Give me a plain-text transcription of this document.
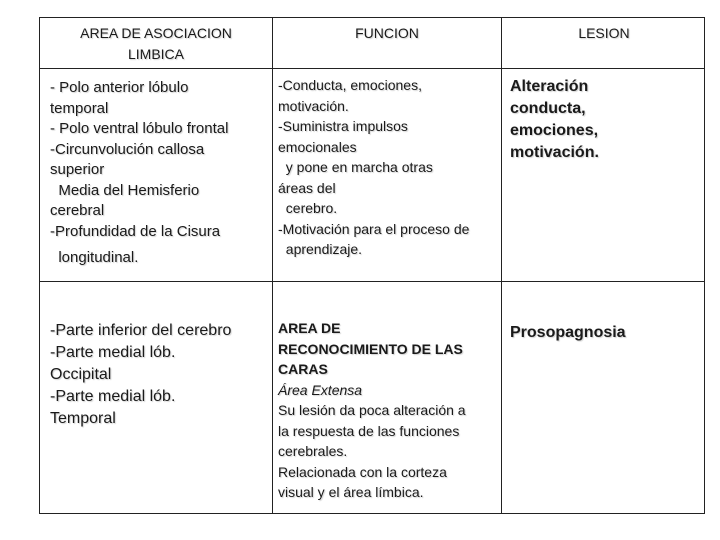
AREA DE ASOCIACION
LIMBICA
FUNCION	LESION
- Polo anterior lóbulo
temporal
- Polo ventral lóbulo frontal
-Circunvolución callosa
superior
Media del Hemisferio
cerebral
-Profundidad de la Cisura
longitudinal.
-Conducta, emociones,
motivación.
-Suministra impulsos
emocionales
y pone en marcha otras
áreas del
cerebro.
-Motivación para el proceso de
aprendizaje.
Alteración
conducta,
emociones,
motivación.
-Parte inferior del cerebro
-Parte medial lób.
Occipital
-Parte medial lób.
Temporal
AREA DE
RECONOCIMIENTO DE LAS
CARAS
Área Extensa
Su lesión da poca alteración a
la respuesta de las funciones
cerebrales.
Relacionada con la corteza
visual y el área límbica.
Prosopagnosia
